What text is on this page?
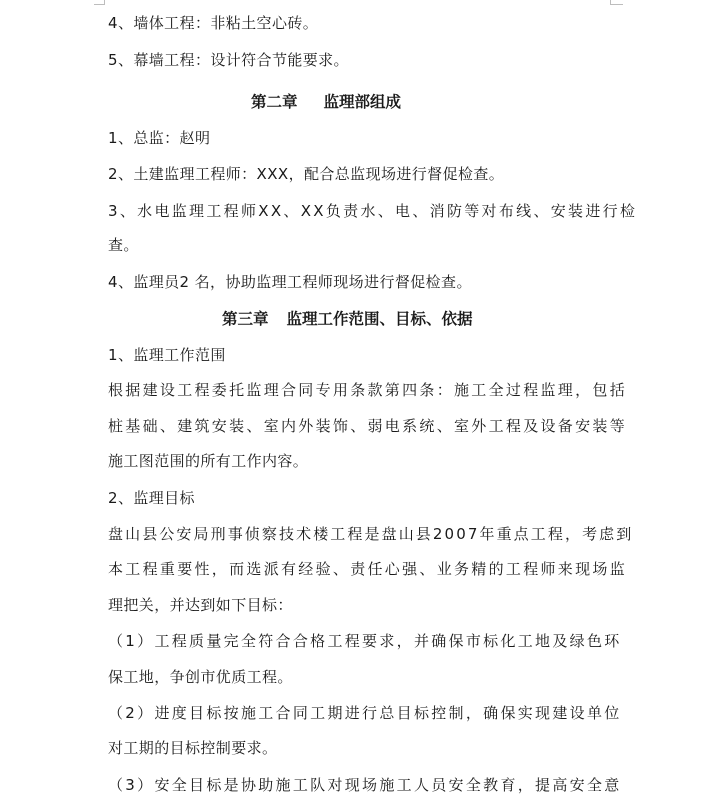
4、墙体工程：非粘土空心砖。
5、幕墙工程：设计符合节能要求。
第二章 监理部组成
1、总监：赵明
2、土建监理工程师：XXX，配合总监现场进行督促检查。
3、水电监理工程师XX、XX负责水、电、消防等对布线、安装进行检
查。
4、监理员2 名，协助监理工程师现场进行督促检查。
第三章 监理工作范围、目标、依据
1、监理工作范围
根据建设工程委托监理合同专用条款第四条：施工全过程监理，包括
桩基础、建筑安装、室内外装饰、弱电系统、室外工程及设备安装等
施工图范围的所有工作内容。
2、监理目标
盘山县公安局刑事侦察技术楼工程是盘山县2007年重点工程，考虑到
本工程重要性，而选派有经验、责任心强、业务精的工程师来现场监
理把关，并达到如下目标：
（1）工程质量完全符合合格工程要求，并确保市标化工地及绿色环
保工地，争创市优质工程。
（2）进度目标按施工合同工期进行总目标控制，确保实现建设单位
对工期的目标控制要求。
（3）安全目标是协助施工队对现场施工人员安全教育，提高安全意
